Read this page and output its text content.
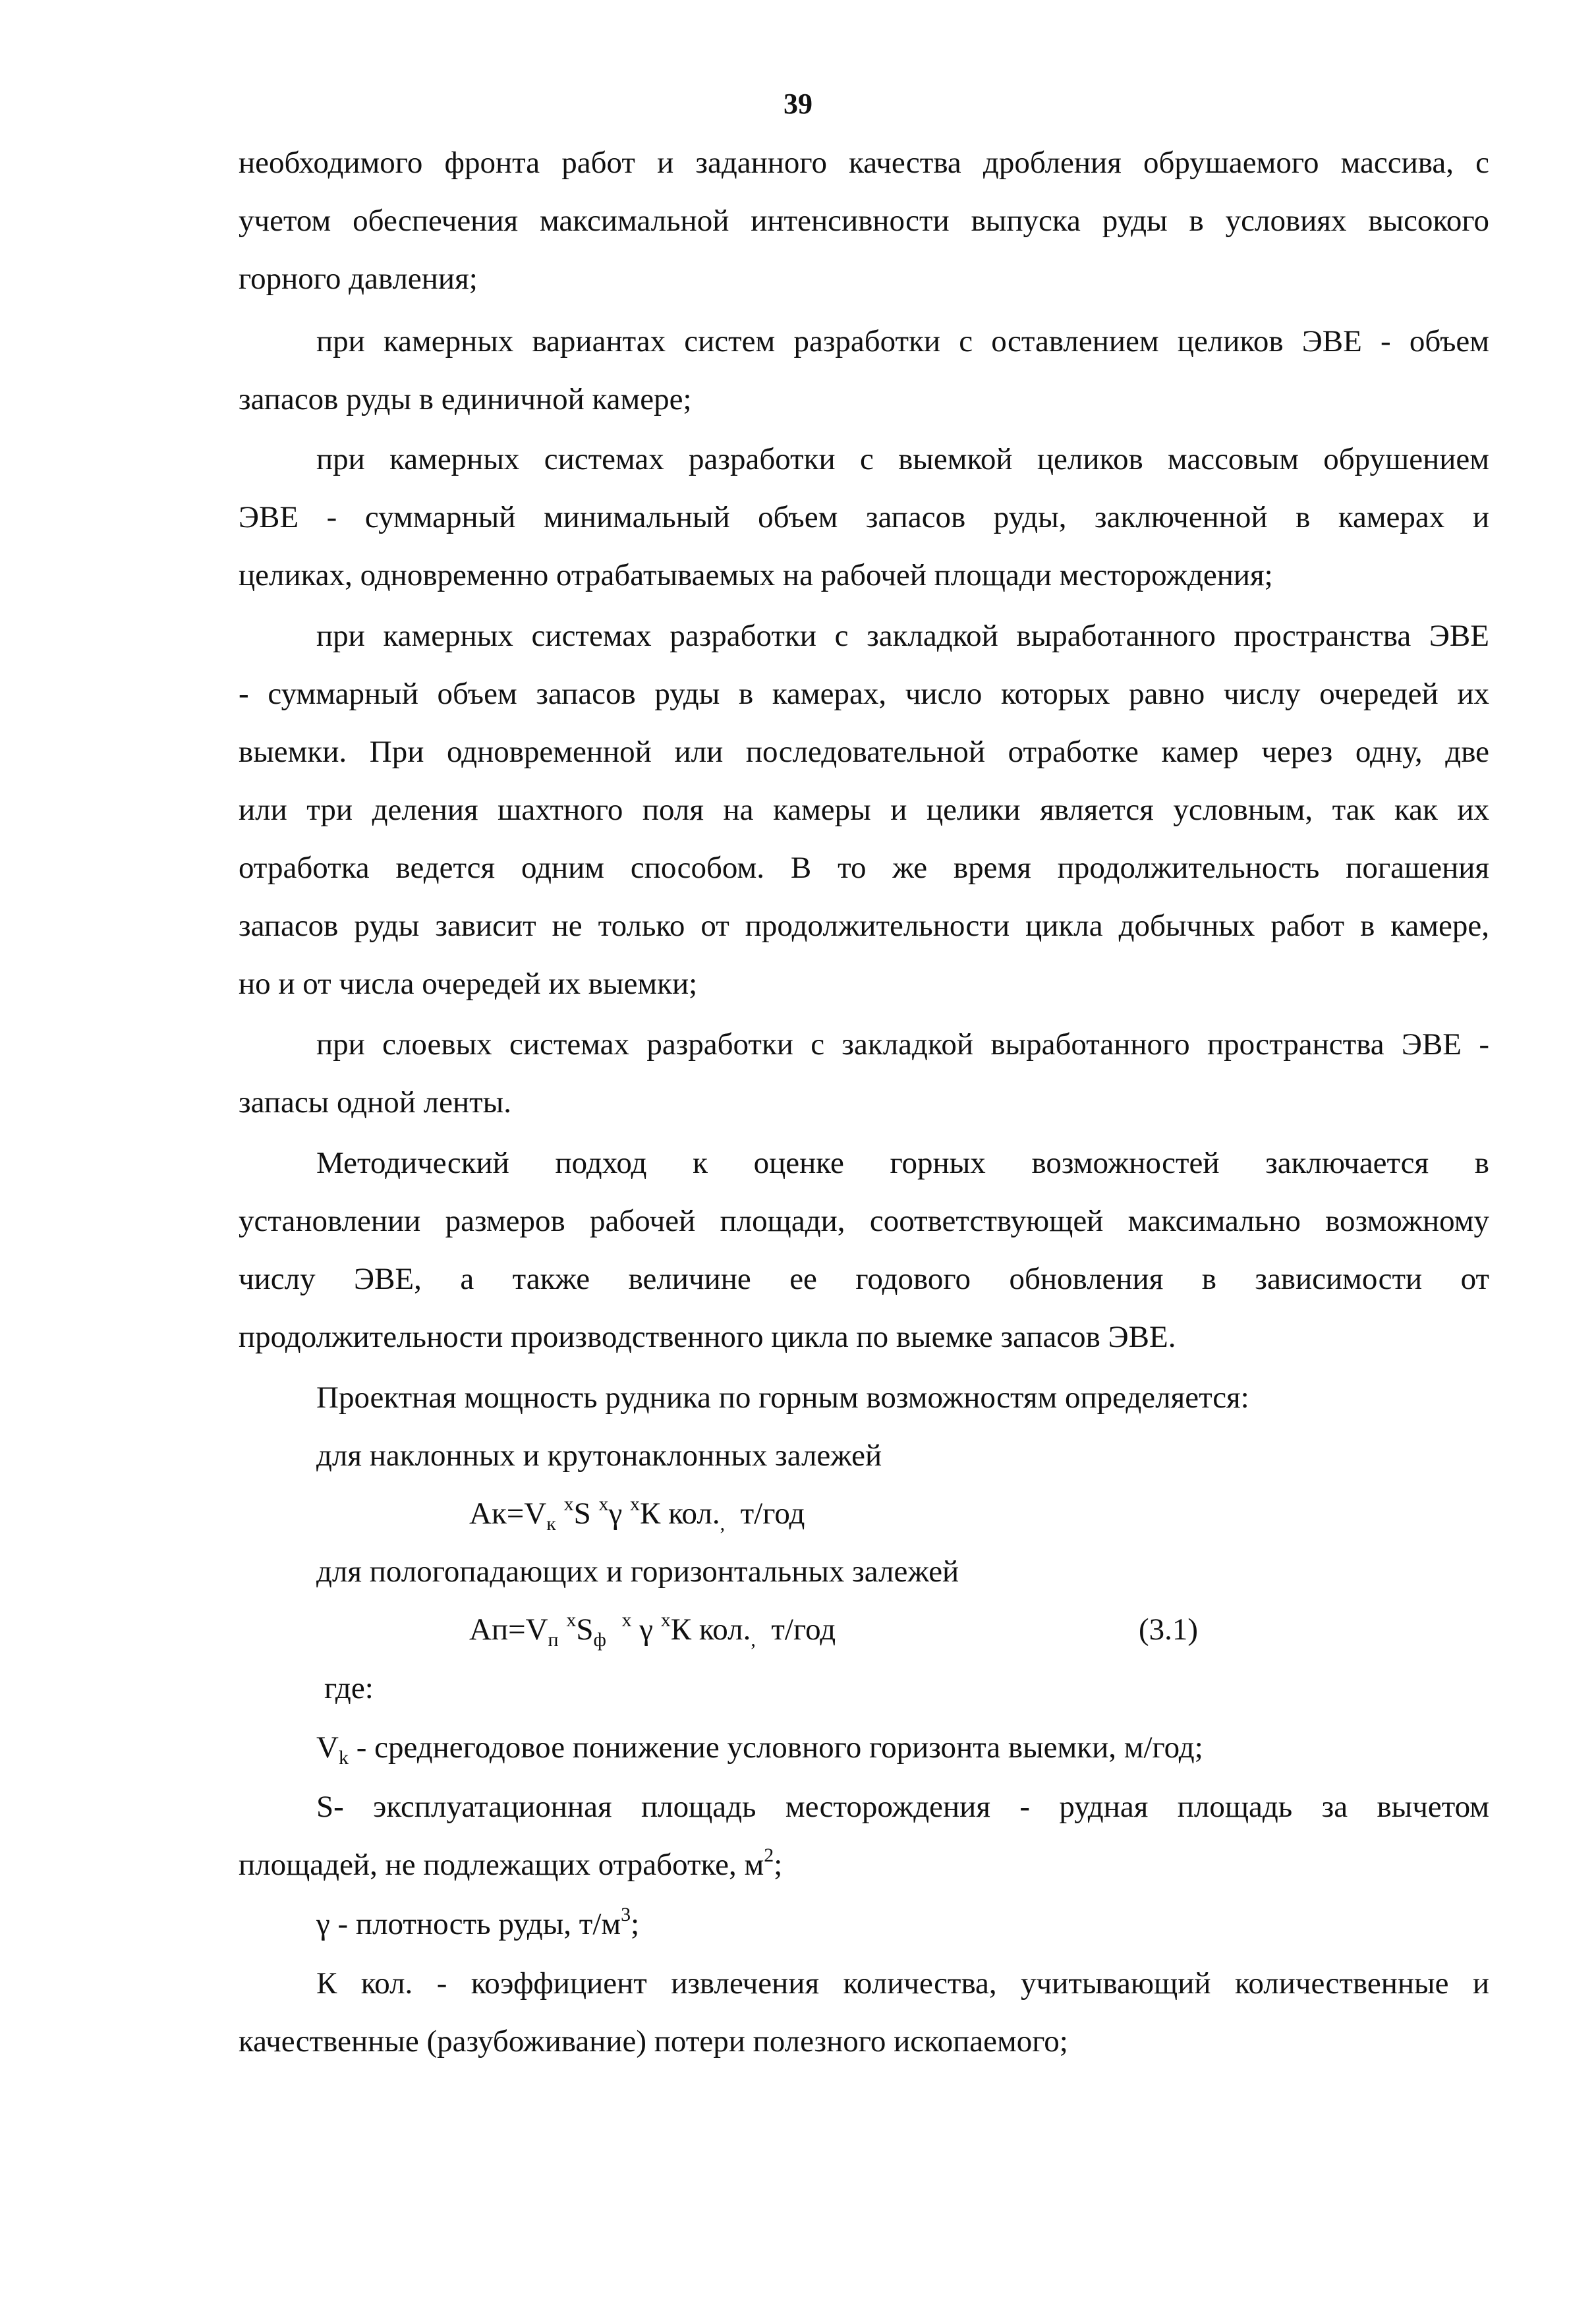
39
необходимого фронта работ и заданного качества дробления обрушаемого массива, с
учетом обеспечения максимальной интенсивности выпуска руды в условиях высокого
горного давления;
при камерных вариантах систем разработки с оставлением целиков ЭВЕ - объем
запасов руды в единичной камере;
при камерных системах разработки с выемкой целиков массовым обрушением
ЭВЕ - суммарный минимальный объем запасов руды, заключенной в камерах и
целиках, одновременно отрабатываемых на рабочей площади месторождения;
при камерных системах разработки с закладкой выработанного пространства ЭВЕ
- суммарный объем запасов руды в камерах, число которых равно числу очередей их
выемки. При одновременной или последовательной отработке камер через одну, две
или три деления шахтного поля на камеры и целики является условным, так как их
отработка ведется одним способом. В то же время продолжительность погашения
запасов руды зависит не только от продолжительности цикла добычных работ в камере,
но и от числа очередей их выемки;
при слоевых системах разработки с закладкой выработанного пространства ЭВЕ -
запасы одной ленты.
Методический подход к оценке горных возможностей заключается в
установлении размеров рабочей площади, соответствующей максимально возможному
числу ЭВЕ, а также величине ее годового обновления в зависимости от
продолжительности производственного цикла по выемке запасов ЭВЕ.
Проектная мощность рудника по горным возможностям определяется:
для наклонных и крутонаклонных залежей
$Ак=V_к$ $^x$S $^x$γ $^x$К $кол._,$ т/год
для пологопадающих и горизонтальных залежей
$Ап=V_п$ $^xS_ф$  $^x$ γ $^x$К $кол._,$ т/год	(3.1)
где:
$V_k$ - среднегодовое понижение условного горизонта выемки, м/год;
S- эксплуатационная площадь месторождения - рудная площадь за вычетом
площадей, не подлежащих отработке, $м^2$;
γ - плотность руды, $т/м^3$;
К кол. - коэффициент извлечения количества, учитывающий количественные и
качественные (разубоживание) потери полезного ископаемого;
